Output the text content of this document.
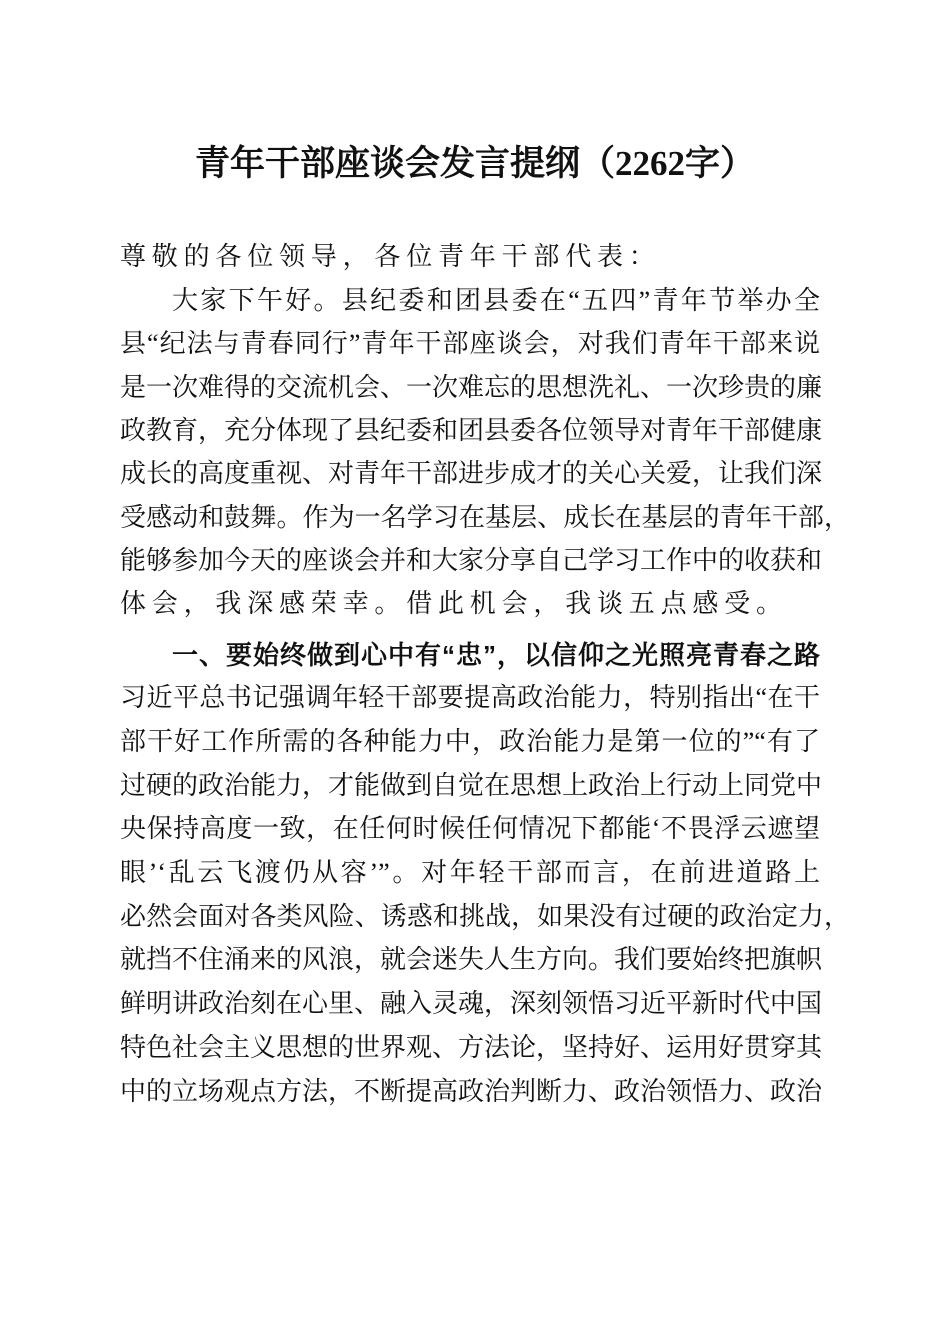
青年干部座谈会发言提纲（2262字）
尊敬的各位领导，各位青年干部代表：
大家下午好。县纪委和团县委在“五四”青年节举办全
县“纪法与青春同行”青年干部座谈会，对我们青年干部来说
是一次难得的交流机会、一次难忘的思想洗礼、一次珍贵的廉
政教育，充分体现了县纪委和团县委各位领导对青年干部健康
成长的高度重视、对青年干部进步成才的关心关爱，让我们深
受感动和鼓舞。作为一名学习在基层、成长在基层的青年干部，
能够参加今天的座谈会并和大家分享自己学习工作中的收获和
体会，我深感荣幸。借此机会，我谈五点感受。
一、要始终做到心中有“忠”，以信仰之光照亮青春之路
习近平总书记强调年轻干部要提高政治能力，特别指出“在干
部干好工作所需的各种能力中，政治能力是第一位的”“有了
过硬的政治能力，才能做到自觉在思想上政治上行动上同党中
央保持高度一致，在任何时候任何情况下都能‘不畏浮云遮望
眼’‘乱云飞渡仍从容’”。对年轻干部而言，在前进道路上
必然会面对各类风险、诱惑和挑战，如果没有过硬的政治定力，
就挡不住涌来的风浪，就会迷失人生方向。我们要始终把旗帜
鲜明讲政治刻在心里、融入灵魂，深刻领悟习近平新时代中国
特色社会主义思想的世界观、方法论，坚持好、运用好贯穿其
中的立场观点方法，不断提高政治判断力、政治领悟力、政治
